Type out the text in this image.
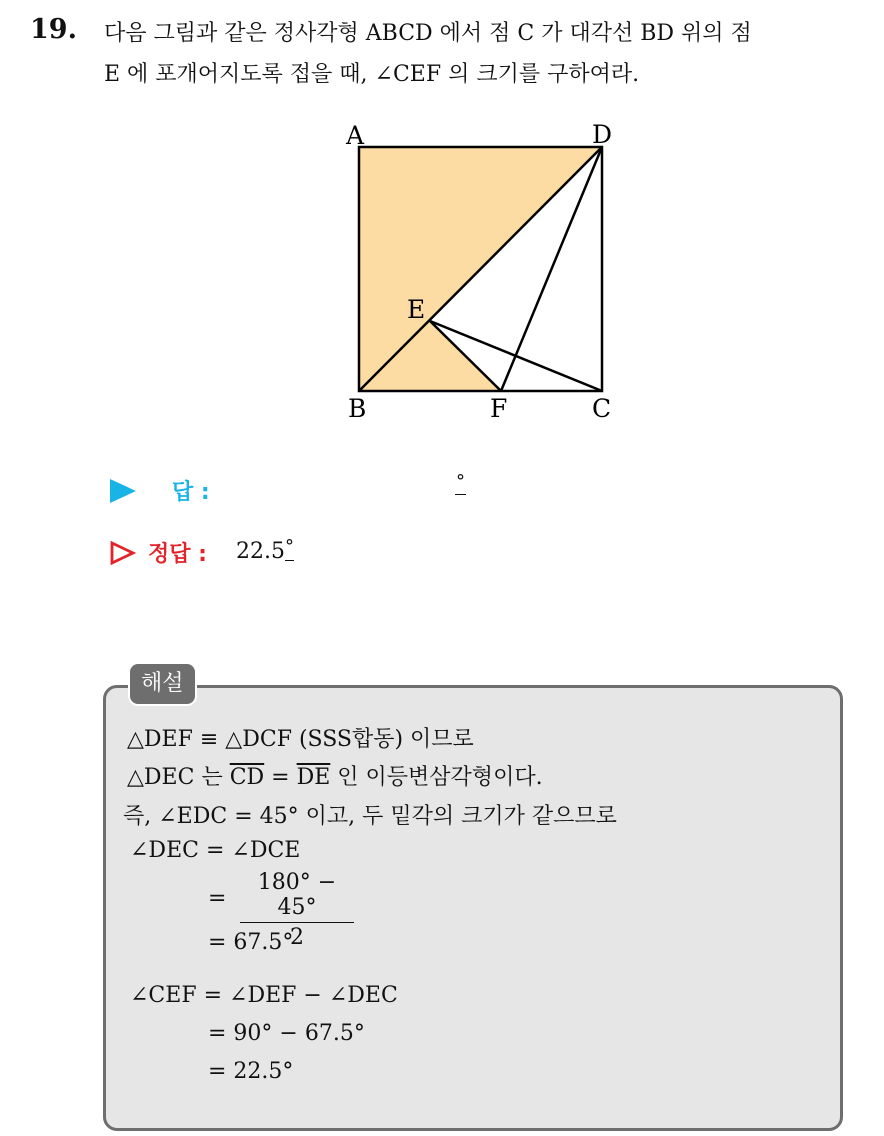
19. 다음 그림과 같은 정사각형 ABCD 에서 점 C 가 대각선 BD 위의 점
E 에 포개어지도록 접을 때, ∠CEF 의 크기를 구하여라.
A	D
E
B	F	C
답 :	°
정답 : 22.5°
해설
△DEF ≡ △DCF (SSS합동) 이므로
△DEC 는 $\overline{CD} = \overline{DE}$ 인 이등변삼각형이다.
즉, ∠EDC = 45° 이고, 두 밑각의 크기가 같으므로
∠DEC = ∠DCE
= $\frac{180^\circ - 45^\circ}{2}$
= 67.5°
∠CEF = ∠DEF − ∠DEC
= 90° − 67.5°
= 22.5°
